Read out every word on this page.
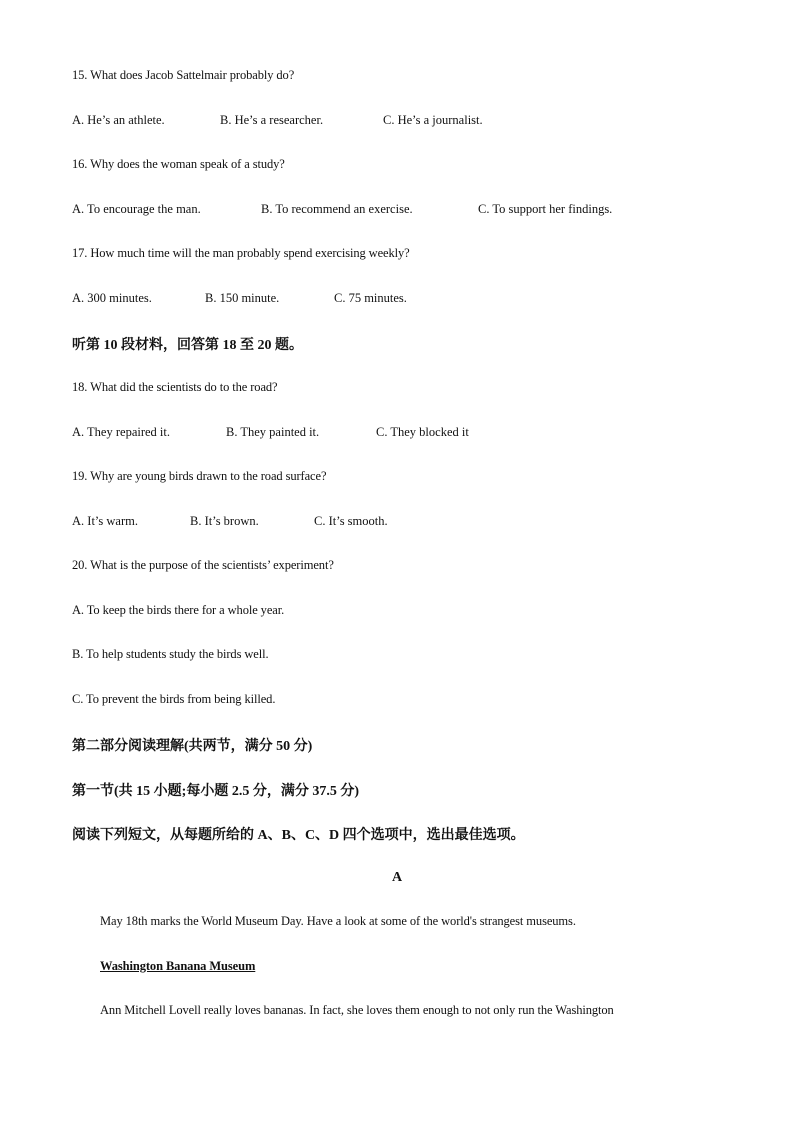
15. What does Jacob Sattelmair probably do?
A. He’s an athlete.	B. He’s a researcher.	C. He’s a journalist.
16. Why does the woman speak of a study?
A. To encourage the man.	B. To recommend an exercise.	C. To support her findings.
17. How much time will the man probably spend exercising weekly?
A. 300 minutes.	B. 150 minute.	C. 75 minutes.
听第 10 段材料，回答第 18 至 20 题。
18. What did the scientists do to the road?
A. They repaired it.	B. They painted it.	C. They blocked it
19. Why are young birds drawn to the road surface?
A. It’s warm.	B. It’s brown.	C. It’s smooth.
20. What is the purpose of the scientists’ experiment?
A. To keep the birds there for a whole year.
B. To help students study the birds well.
C. To prevent the birds from being killed.
第二部分阅读理解(共两节，满分 50 分)
第一节(共 15 小题;每小题 2.5 分，满分 37.5 分)
阅读下列短文，从每题所给的 A、B、C、D 四个选项中，选出最佳选项。
A
May 18th marks the World Museum Day. Have a look at some of the world's strangest museums.
Washington Banana Museum
Ann Mitchell Lovell really loves bananas. In fact, she loves them enough to not only run the Washington
